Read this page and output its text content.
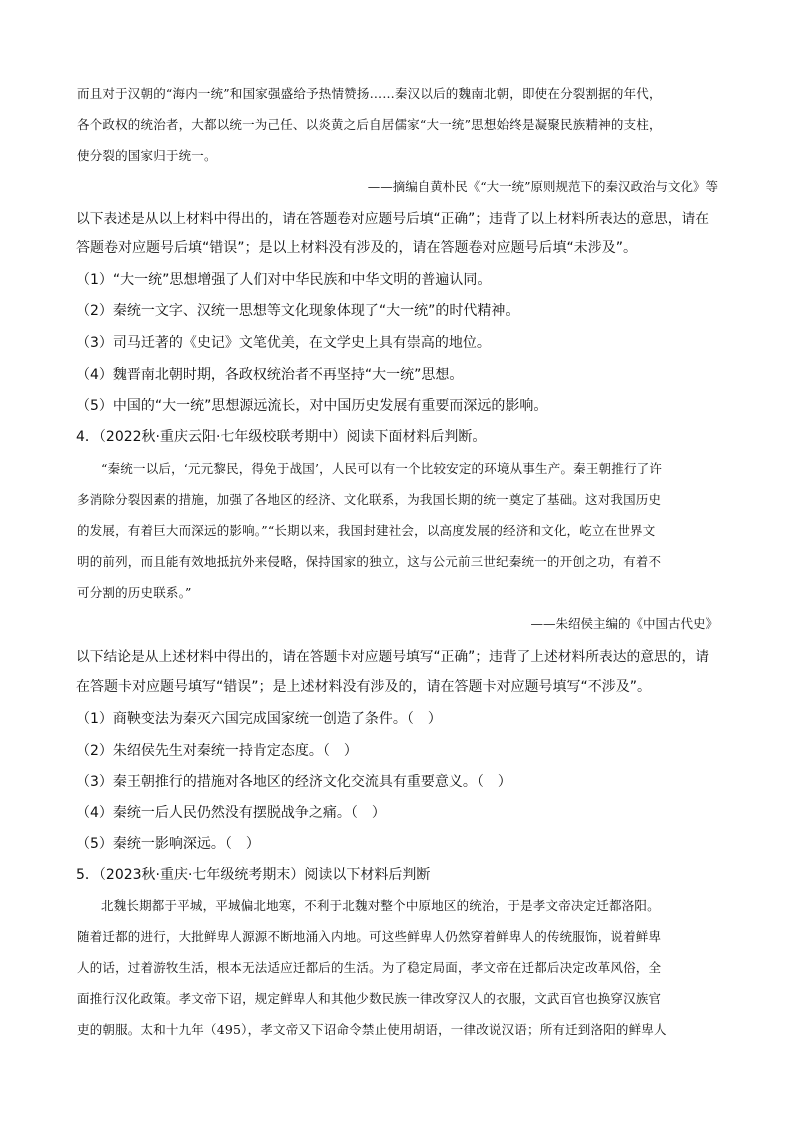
而且对于汉朝的“海内一统”和国家强盛给予热情赞扬……秦汉以后的魏南北朝，即使在分裂割据的年代，
各个政权的统治者，大都以统一为己任、以炎黄之后自居儒家“大一统”思想始终是凝聚民族精神的支柱，
使分裂的国家归于统一。
——摘编自黄朴民《“大一统”原则规范下的秦汉政治与文化》等
以下表述是从以上材料中得出的，请在答题卷对应题号后填“正确”；违背了以上材料所表达的意思，请在
答题卷对应题号后填“错误”；是以上材料没有涉及的，请在答题卷对应题号后填“未涉及”。
（1）“大一统”思想增强了人们对中华民族和中华文明的普遍认同。
（2）秦统一文字、汉统一思想等文化现象体现了“大一统”的时代精神。
（3）司马迁著的《史记》文笔优美，在文学史上具有崇高的地位。
（4）魏晋南北朝时期，各政权统治者不再坚持“大一统”思想。
（5）中国的“大一统”思想源远流长，对中国历史发展有重要而深远的影响。
4．（2022秋·重庆云阳·七年级校联考期中）阅读下面材料后判断。
“秦统一以后，‘元元黎民，得免于战国’，人民可以有一个比较安定的环境从事生产。秦王朝推行了许
多消除分裂因素的措施，加强了各地区的经济、文化联系，为我国长期的统一奠定了基础。这对我国历史
的发展，有着巨大而深远的影响。”“长期以来，我国封建社会，以高度发展的经济和文化，屹立在世界文
明的前列，而且能有效地抵抗外来侵略，保持国家的独立，这与公元前三世纪秦统一的开创之功，有着不
可分割的历史联系。”
——朱绍侯主编的《中国古代史》
以下结论是从上述材料中得出的，请在答题卡对应题号填写“正确”；违背了上述材料所表达的意思的，请
在答题卡对应题号填写“错误”；是上述材料没有涉及的，请在答题卡对应题号填写“不涉及”。
（1）商鞅变法为秦灭六国完成国家统一创造了条件。（　）
（2）朱绍侯先生对秦统一持肯定态度。（　）
（3）秦王朝推行的措施对各地区的经济文化交流具有重要意义。（　）
（4）秦统一后人民仍然没有摆脱战争之痛。（　）
（5）秦统一影响深远。（　）
5．（2023秋·重庆·七年级统考期末）阅读以下材料后判断
北魏长期都于平城，平城偏北地寒，不利于北魏对整个中原地区的统治，于是孝文帝决定迁都洛阳。
随着迁都的进行，大批鲜卑人源源不断地涌入内地。可这些鲜卑人仍然穿着鲜卑人的传统服饰，说着鲜卑
人的话，过着游牧生活，根本无法适应迁都后的生活。为了稳定局面，孝文帝在迁都后决定改革风俗，全
面推行汉化政策。孝文帝下诏，规定鲜卑人和其他少数民族一律改穿汉人的衣服，文武百官也换穿汉族官
吏的朝服。太和十九年（495），孝文帝又下诏命令禁止使用胡语，一律改说汉语；所有迁到洛阳的鲜卑人
